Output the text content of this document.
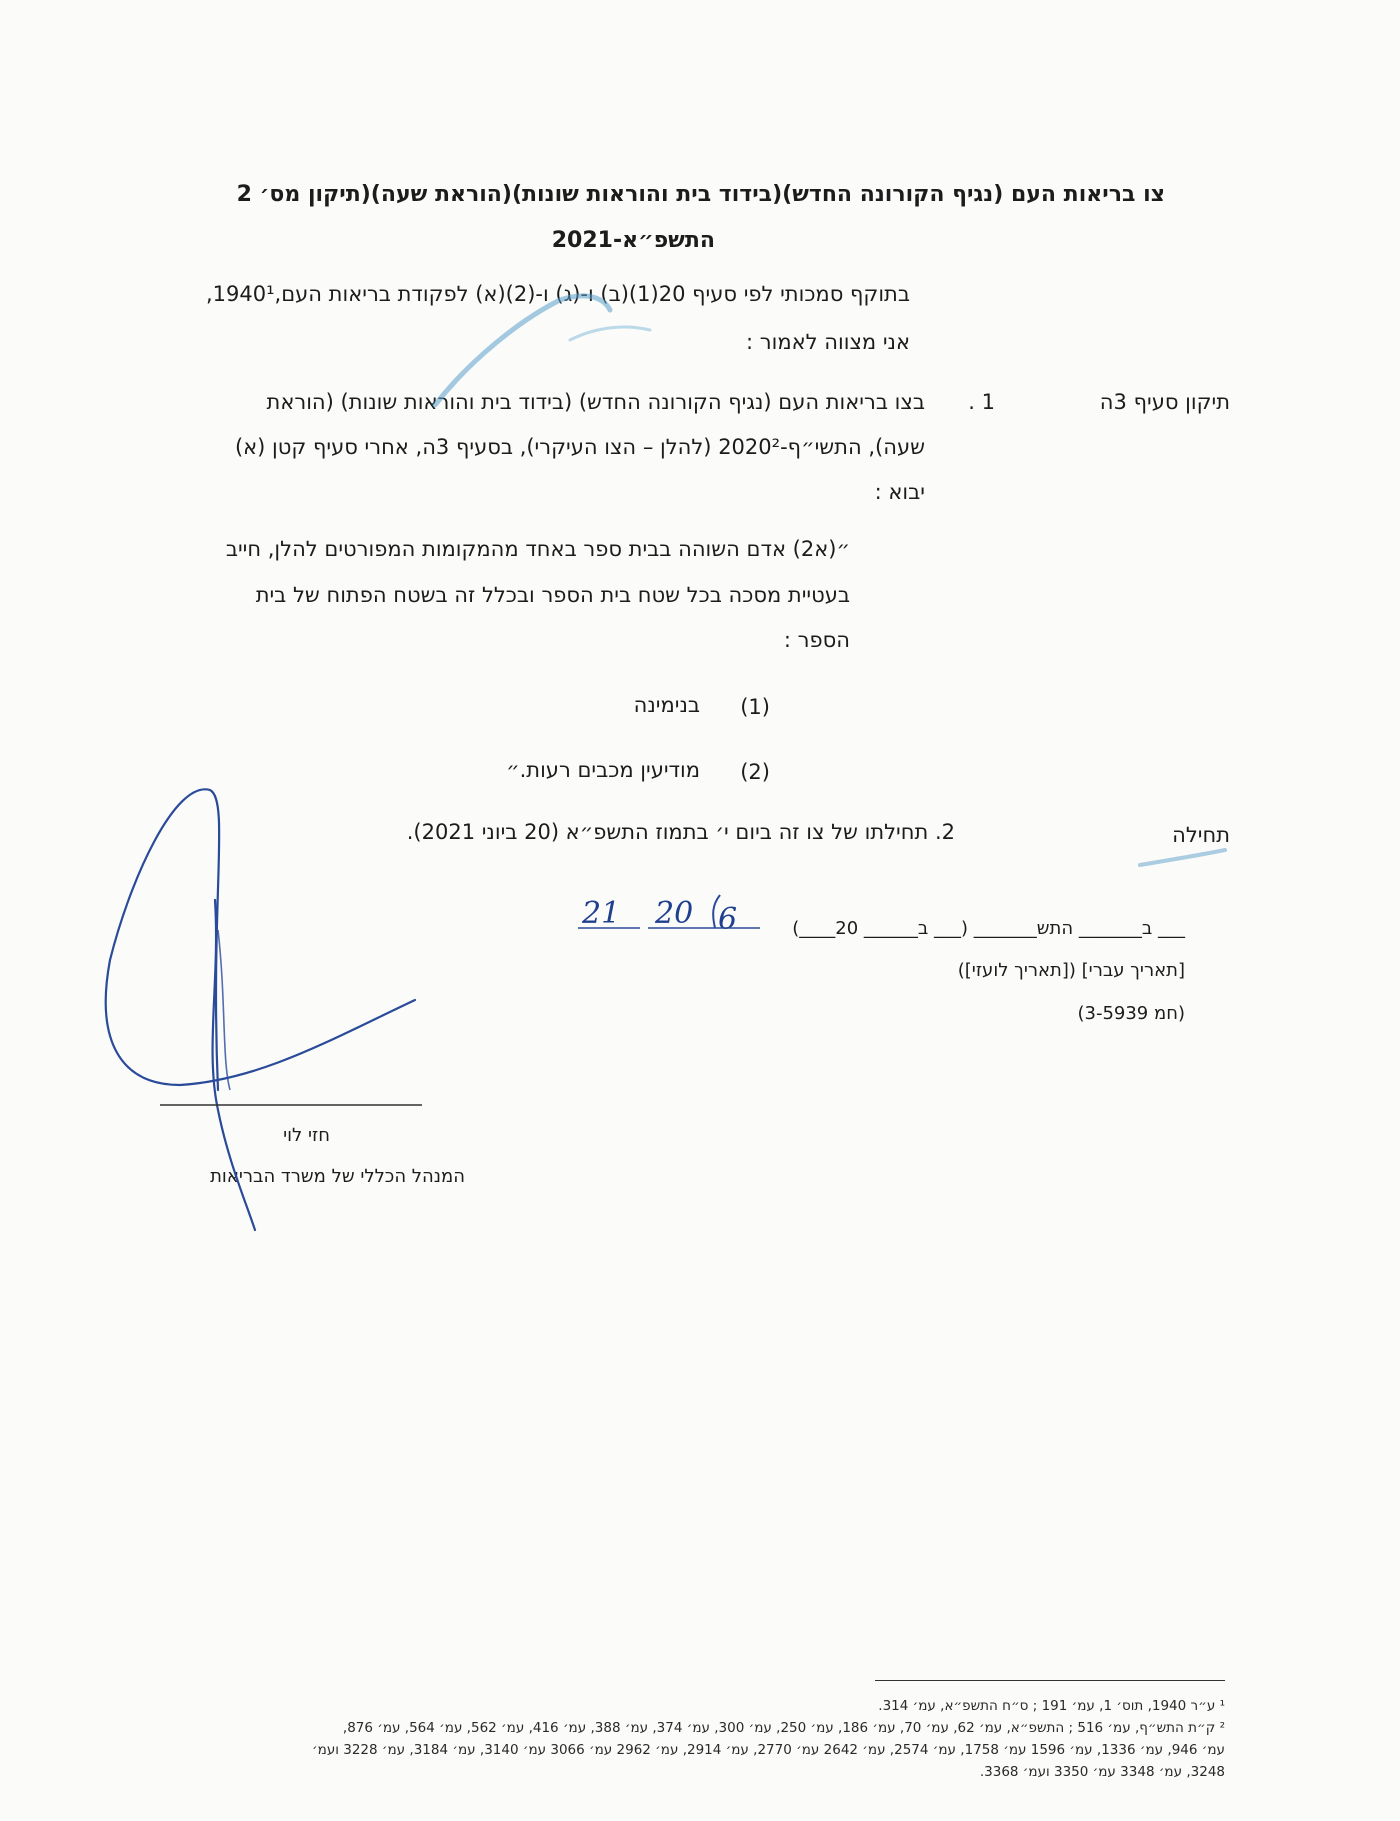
צו בריאות העם (נגיף הקורונה החדש)(בידוד בית והוראות שונות)(הוראת שעה)(תיקון מס׳ 2
התשפ״א-2021
בתוקף סמכותי לפי סעיף 20(1)(ב) ו-(ג) ו-(2)(א) לפקודת בריאות העם,1940¹,
אני מצווה לאמור :
תיקון סעיף 3ה
1 .
בצו בריאות העם (נגיף הקורונה החדש) (בידוד בית והוראות שונות) (הוראת
שעה), התשי״ף-2020² (להלן – הצו העיקרי), בסעיף 3ה, אחרי סעיף קטן (א)
יבוא :
״(א2) אדם השוהה בבית ספר באחד מהמקומות המפורטים להלן, חייב
בעטיית מסכה בכל שטח בית הספר ובכלל זה בשטח הפתוח של בית
הספר :
(1)
בנימינה
(2)
מודיעין מכבים רעות.״
תחילה
2. תחילתו של צו זה ביום י׳ בתמוז התשפ״א (20 ביוני 2021).
___ ב_______ התש_______ (___ ב______ 20____)
21 20 6
[תאריך עברי] ([תאריך לועזי])
(חמ 3-5939)
חזי לוי
המנהל הכללי של משרד הבריאות
¹ ע״ר 1940, תוס׳ 1, עמ׳ 191 ; ס״ח התשפ״א, עמ׳ 314.
² ק״ת התש״ף, עמ׳ 516 ; התשפ״א, עמ׳ 62, עמ׳ 70, עמ׳ 186, עמ׳ 250, עמ׳ 300, עמ׳ 374, עמ׳ 388, עמ׳ 416, עמ׳ 562, עמ׳ 564, עמ׳ 876,
עמ׳ 946, עמ׳ 1336, עמ׳ 1596 עמ׳ 1758, עמ׳ 2574, עמ׳ 2642 עמ׳ 2770, עמ׳ 2914, עמ׳ 2962 עמ׳ 3066 עמ׳ 3140, עמ׳ 3184, עמ׳ 3228 ועמ׳
3248, עמ׳ 3348 עמ׳ 3350 ועמ׳ 3368.
